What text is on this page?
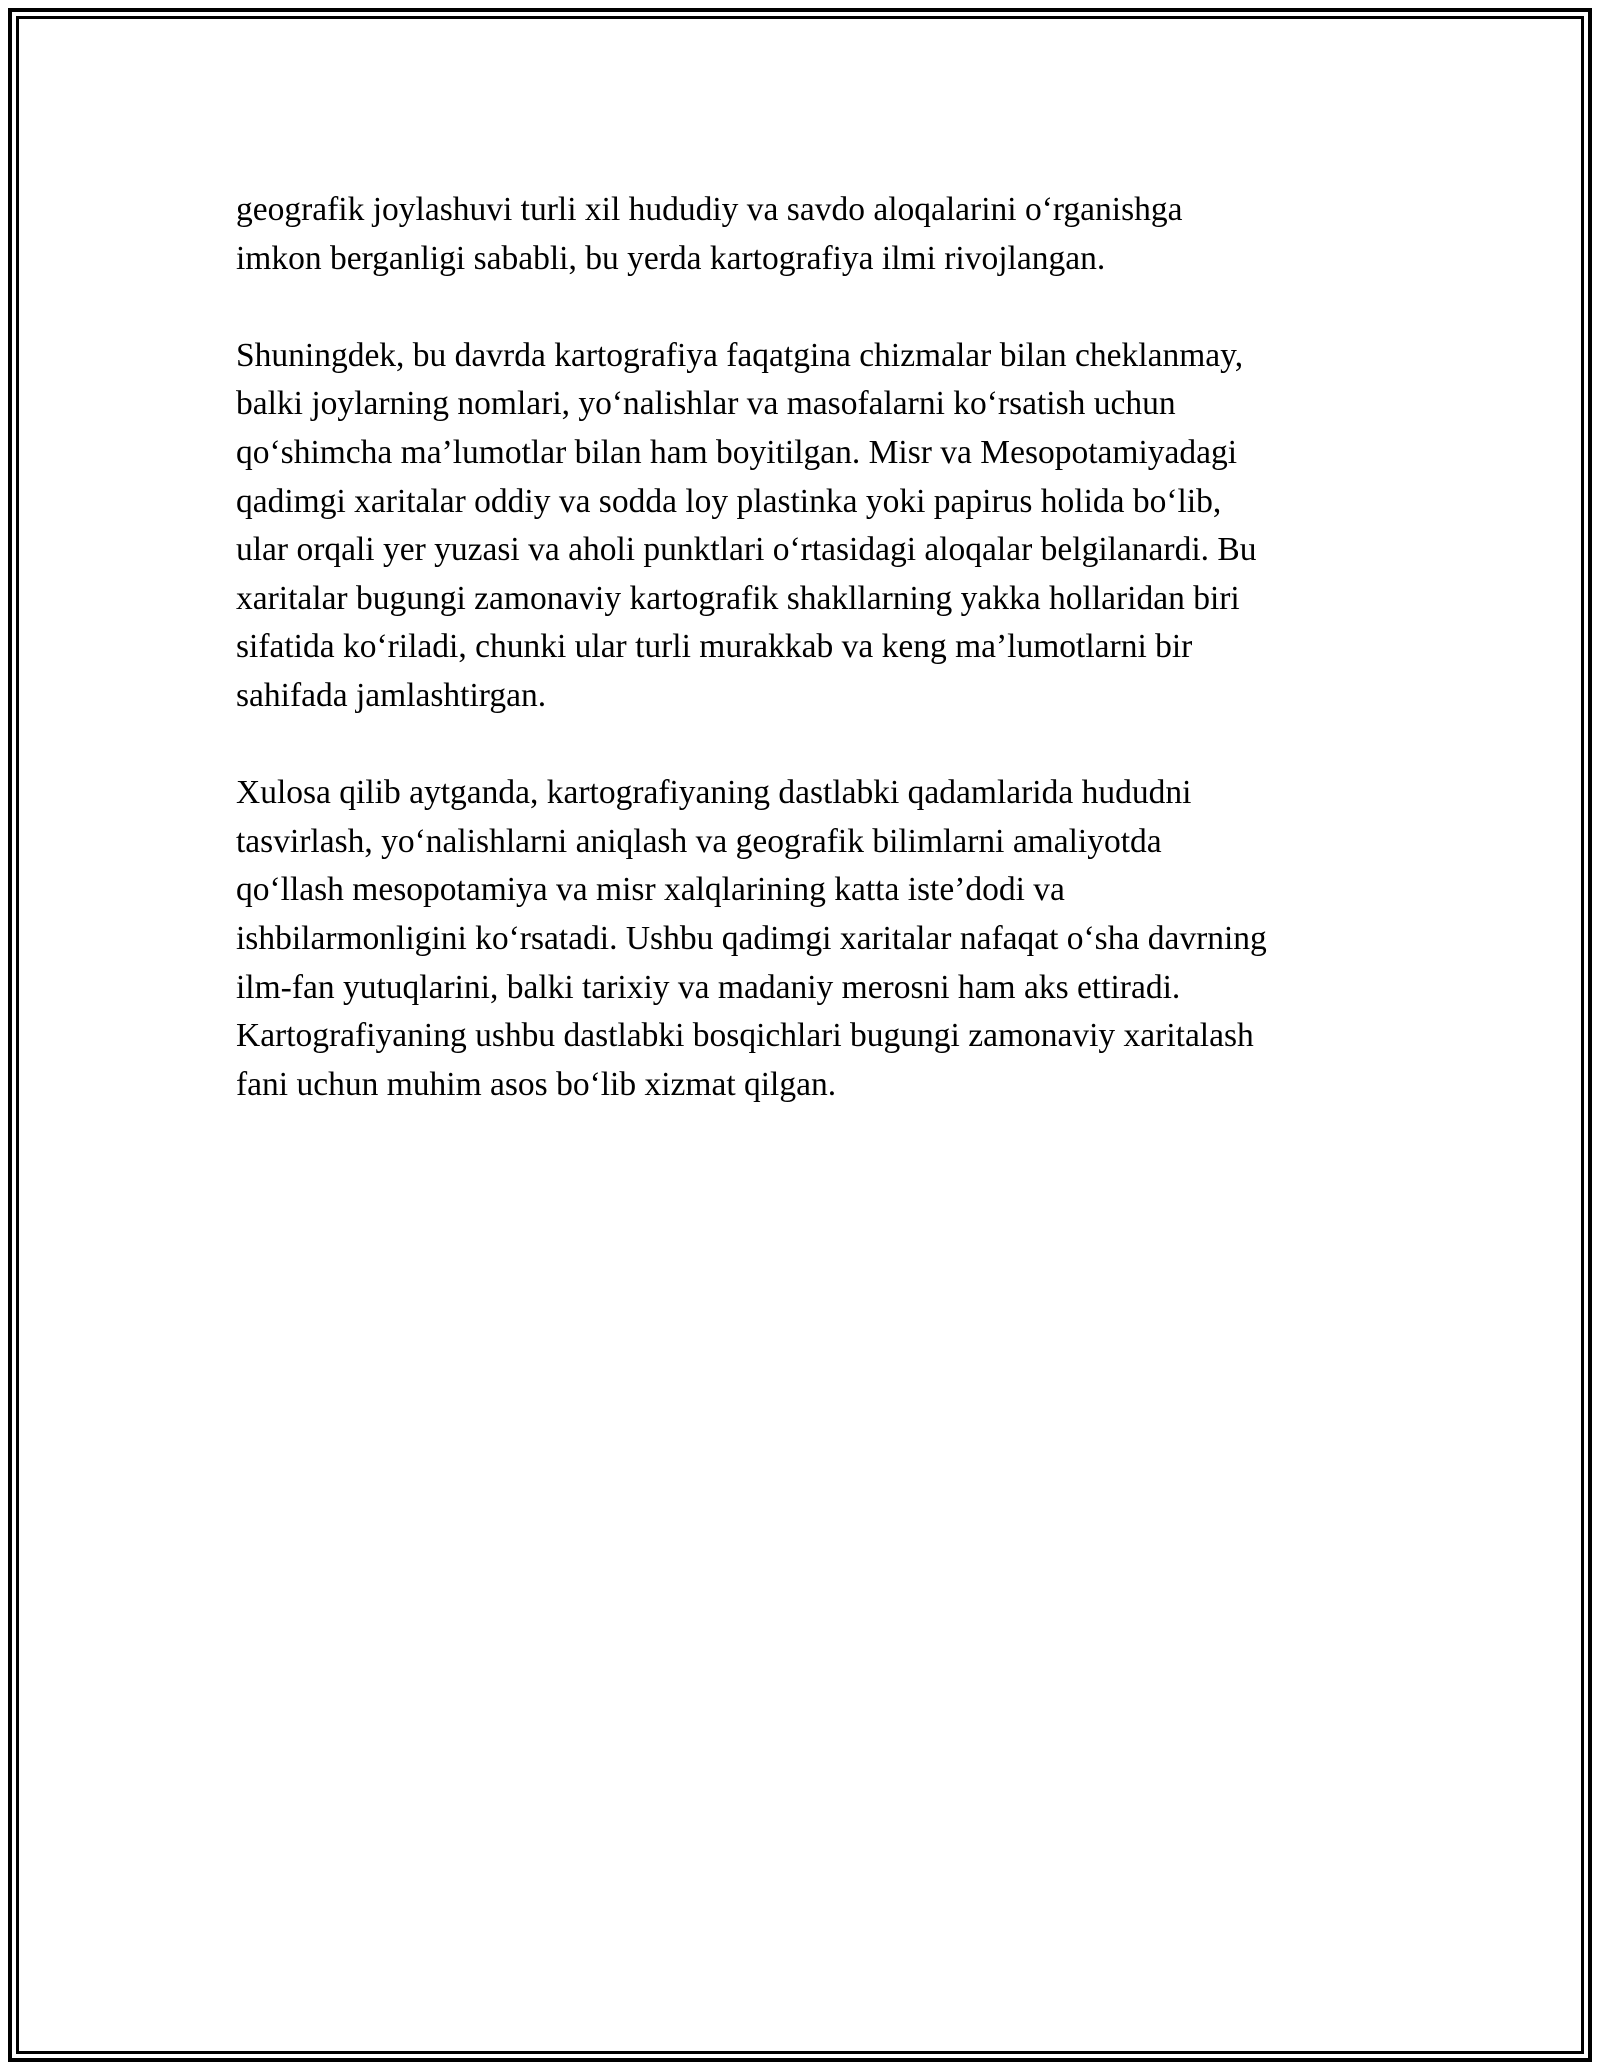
geografik joylashuvi turli xil hududiy va savdo aloqalarini o‘rganishga
imkon berganligi sababli, bu yerda kartografiya ilmi rivojlangan.

Shuningdek, bu davrda kartografiya faqatgina chizmalar bilan cheklanmay,
balki joylarning nomlari, yo‘nalishlar va masofalarni ko‘rsatish uchun
qo‘shimcha ma’lumotlar bilan ham boyitilgan. Misr va Mesopotamiyadagi
qadimgi xaritalar oddiy va sodda loy plastinka yoki papirus holida bo‘lib,
ular orqali yer yuzasi va aholi punktlari o‘rtasidagi aloqalar belgilanardi. Bu
xaritalar bugungi zamonaviy kartografik shakllarning yakka hollaridan biri
sifatida ko‘riladi, chunki ular turli murakkab va keng ma’lumotlarni bir
sahifada jamlashtirgan.

Xulosa qilib aytganda, kartografiyaning dastlabki qadamlarida hududni
tasvirlash, yo‘nalishlarni aniqlash va geografik bilimlarni amaliyotda
qo‘llash mesopotamiya va misr xalqlarining katta iste’dodi va
ishbilarmonligini ko‘rsatadi. Ushbu qadimgi xaritalar nafaqat o‘sha davrning
ilm-fan yutuqlarini, balki tarixiy va madaniy merosni ham aks ettiradi.
Kartografiyaning ushbu dastlabki bosqichlari bugungi zamonaviy xaritalash
fani uchun muhim asos bo‘lib xizmat qilgan.
